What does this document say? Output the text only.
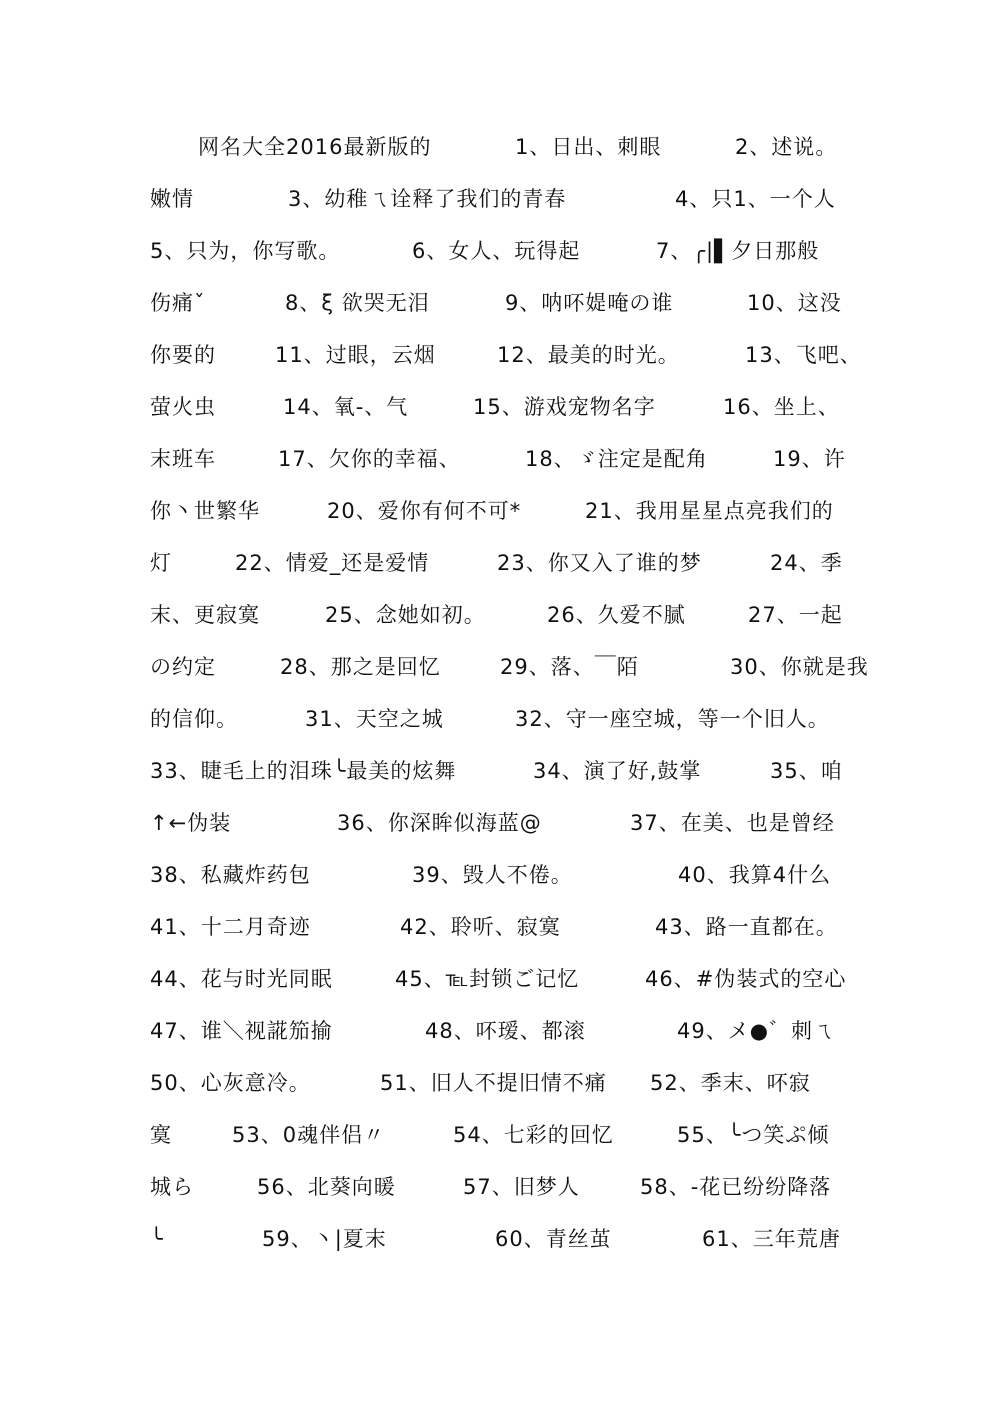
网名大全2016最新版的	1、日出、刺眼	2、述说。
嫩情	3、幼稚ㄟ诠释了我们的青春	4、只1、一个人
5、只为，你写歌。	6、女人、玩得起	7、╭|▌夕日那般
伤痛ˇ	8、ξ 欲哭无泪	9、呐吥媞唵の谁	10、这没
你要的	11、过眼，云烟	12、最美的时光。	13、飞吧、
萤火虫	14、氧-、气	15、游戏宠物名字	16、坐上、
末班车	17、欠你的幸福、	18、ゞ注定是配角	19、许
你丶世繁华	20、爱你有何不可*	21、我用星星点亮我们的
灯	22、情爱_还是爱情	23、你又入了谁的梦	24、季
末、更寂寞	25、念她如初。	26、久爱不腻	27、一起
の约定	28、那之是回忆	29、落、￣陌	30、你就是我
的信仰。	31、天空之城	32、守一座空城，等一个旧人。
33、睫毛上的泪珠╰最美的炫舞	34、演了好,鼓掌	35、咱
↑←伪装	36、你深眸似海蓝@	37、在美、也是曾经
38、私藏炸药包	39、毁人不倦。	40、我算4什么
41、十二月奇迹	42、聆听、寂寞	43、路一直都在。
44、花与时光同眠	45、℡封锁ご记忆	46、#伪装式的空心
47、谁＼视誮笳揄	48、吥瑷、都滚	49、メ●゛刺ㄟ
50、心灰意冷。	51、旧人不提旧情不痛 52、季末、吥寂
寞	53、0魂伴侣〃	54、七彩的回忆	55、╰つ笑ぷ倾
城ら	56、北葵向暖	57、旧梦人	58、-花已纷纷降落
╰	59、丶|夏末	60、青丝茧	61、三年荒唐
